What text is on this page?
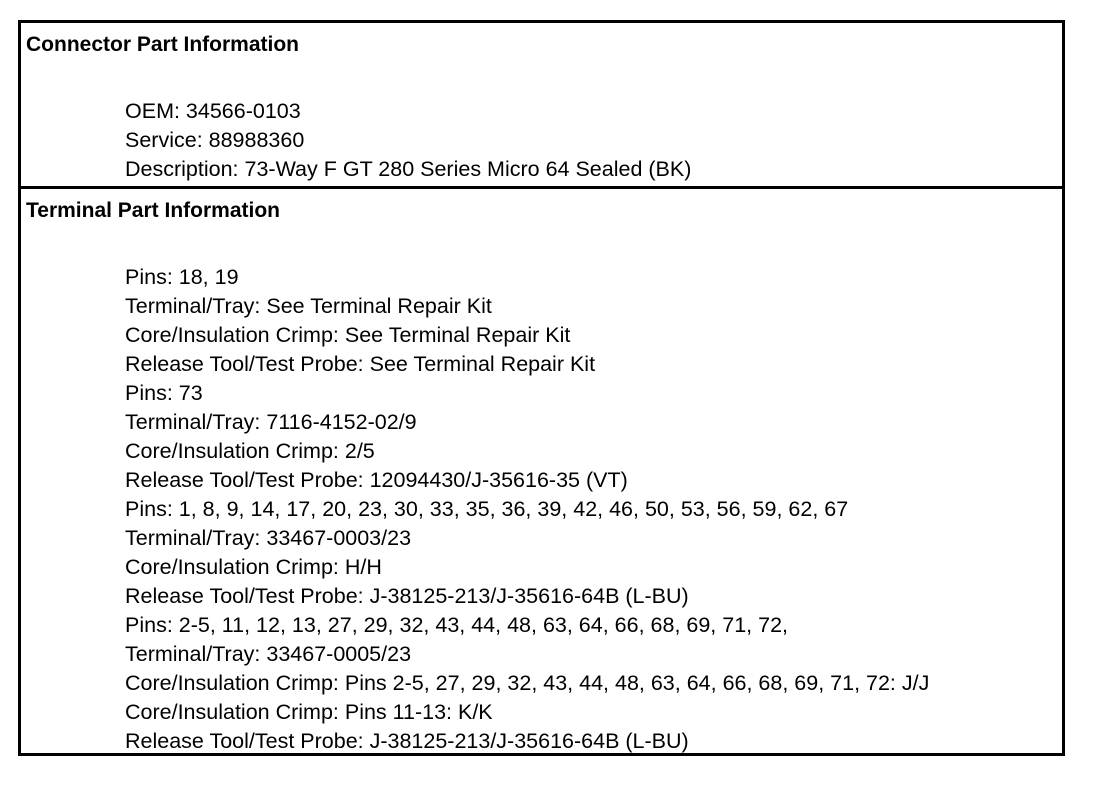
Connector Part Information
OEM: 34566-0103
Service: 88988360
Description: 73-Way F GT 280 Series Micro 64 Sealed (BK)
Terminal Part Information
Pins: 18, 19
Terminal/Tray: See Terminal Repair Kit
Core/Insulation Crimp: See Terminal Repair Kit
Release Tool/Test Probe: See Terminal Repair Kit
Pins: 73
Terminal/Tray: 7116-4152-02/9
Core/Insulation Crimp: 2/5
Release Tool/Test Probe: 12094430/J-35616-35 (VT)
Pins: 1, 8, 9, 14, 17, 20, 23, 30, 33, 35, 36, 39, 42, 46, 50, 53, 56, 59, 62, 67
Terminal/Tray: 33467-0003/23
Core/Insulation Crimp: H/H
Release Tool/Test Probe: J-38125-213/J-35616-64B (L-BU)
Pins: 2-5, 11, 12, 13, 27, 29, 32, 43, 44, 48, 63, 64, 66, 68, 69, 71, 72,
Terminal/Tray: 33467-0005/23
Core/Insulation Crimp: Pins 2-5, 27, 29, 32, 43, 44, 48, 63, 64, 66, 68, 69, 71, 72: J/J
Core/Insulation Crimp: Pins 11-13: K/K
Release Tool/Test Probe: J-38125-213/J-35616-64B (L-BU)
